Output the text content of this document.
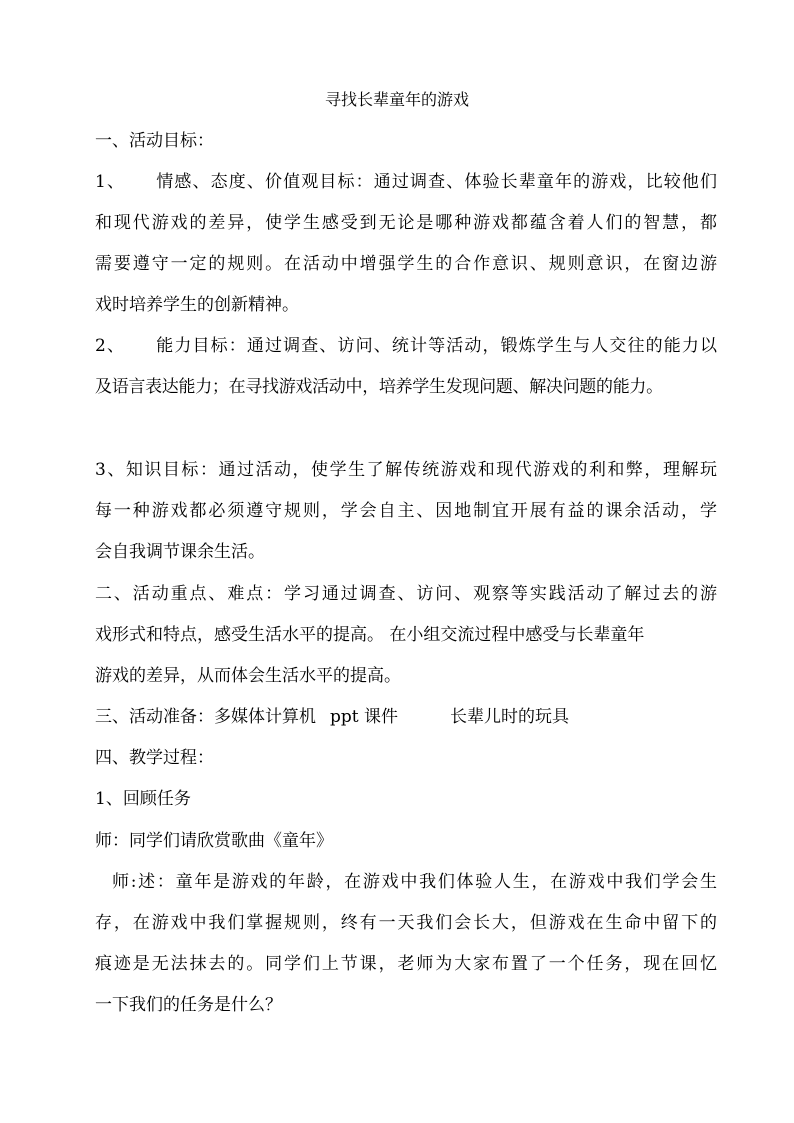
寻找长辈童年的游戏
一、活动目标：
1、 情感、态度、价值观目标：通过调查、体验长辈童年的游戏，比较他们
和现代游戏的差异，使学生感受到无论是哪种游戏都蕴含着人们的智慧，都
需要遵守一定的规则。在活动中增强学生的合作意识、规则意识，在窗边游
戏时培养学生的创新精神。
2、 能力目标：通过调查、访问、统计等活动，锻炼学生与人交往的能力以
及语言表达能力；在寻找游戏活动中，培养学生发现问题、解决问题的能力。
3、知识目标：通过活动，使学生了解传统游戏和现代游戏的利和弊，理解玩
每一种游戏都必须遵守规则，学会自主、因地制宜开展有益的课余活动，学
会自我调节课余生活。
二、活动重点、难点：学习通过调查、访问、观察等实践活动了解过去的游
戏形式和特点，感受生活水平的提高。 在小组交流过程中感受与长辈童年
游戏的差异，从而体会生活水平的提高。
三、活动准备：多媒体计算机 ppt 课件	长辈儿时的玩具
四、教学过程：
1、回顾任务
师：同学们请欣赏歌曲《童年》
师:述：童年是游戏的年龄，在游戏中我们体验人生，在游戏中我们学会生
存，在游戏中我们掌握规则，终有一天我们会长大，但游戏在生命中留下的
痕迹是无法抹去的。同学们上节课，老师为大家布置了一个任务，现在回忆
一下我们的任务是什么？
